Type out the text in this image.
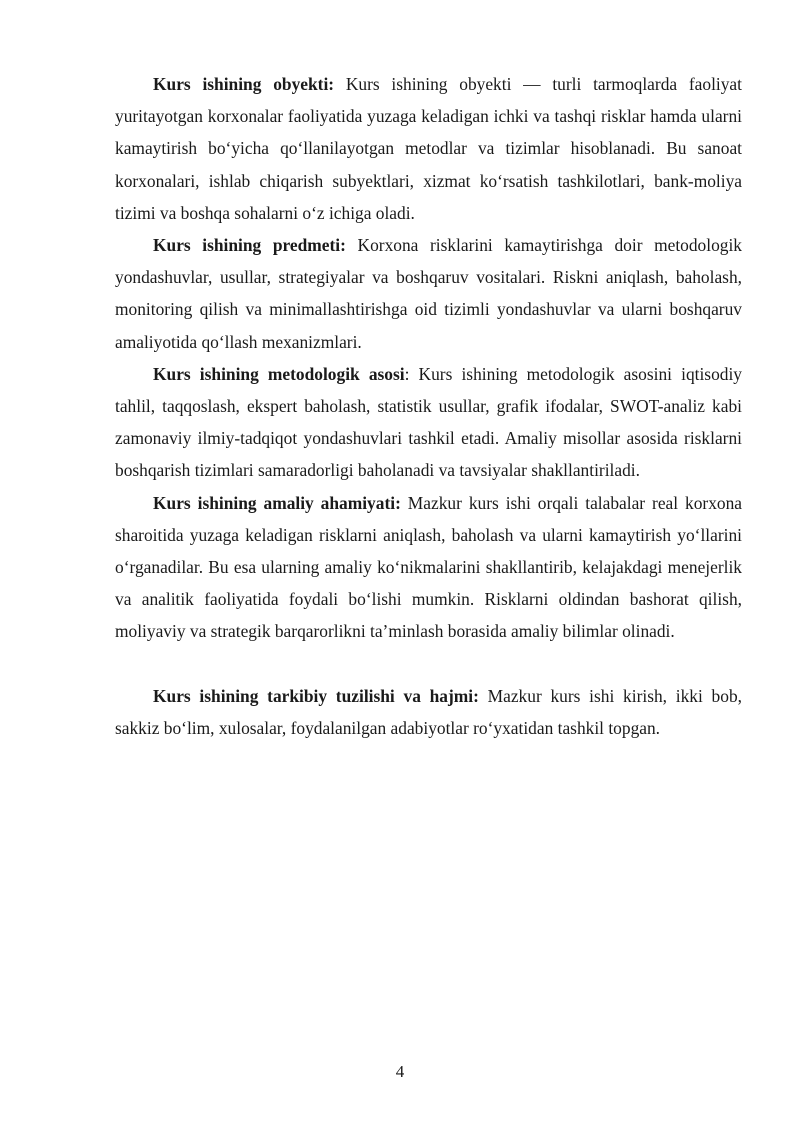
Kurs ishining obyekti: Kurs ishining obyekti — turli tarmoqlarda faoliyat yuritayotgan korxonalar faoliyatida yuzaga keladigan ichki va tashqi risklar hamda ularni kamaytirish bo‘yicha qo‘llanilayotgan metodlar va tizimlar hisoblanadi. Bu sanoat korxonalari, ishlab chiqarish subyektlari, xizmat ko‘rsatish tashkilotlari, bank-moliya tizimi va boshqa sohalarni o‘z ichiga oladi.

Kurs ishining predmeti: Korxona risklarini kamaytirishga doir metodologik yondashuvlar, usullar, strategiyalar va boshqaruv vositalari. Riskni aniqlash, baholash, monitoring qilish va minimallashtirishga oid tizimli yondashuvlar va ularni boshqaruv amaliyotida qo‘llash mexanizmlari.

Kurs ishining metodologik asosi: Kurs ishining metodologik asosini iqtisodiy tahlil, taqqoslash, ekspert baholash, statistik usullar, grafik ifodalar, SWOT-analiz kabi zamonaviy ilmiy-tadqiqot yondashuvlari tashkil etadi. Amaliy misollar asosida risklarni boshqarish tizimlari samaradorligi baholanadi va tavsiyalar shakllantiriladi.

Kurs ishining amaliy ahamiyati: Mazkur kurs ishi orqali talabalar real korxona sharoitida yuzaga keladigan risklarni aniqlash, baholash va ularni kamaytirish yo‘llarini o‘rganadilar. Bu esa ularning amaliy ko‘nikmalarini shakllantirib, kelajakdagi menejerlik va analitik faoliyatida foydali bo‘lishi mumkin. Risklarni oldindan bashorat qilish, moliyaviy va strategik barqarorlikni ta’minlash borasida amaliy bilimlar olinadi.

Kurs ishining tarkibiy tuzilishi va hajmi: Mazkur kurs ishi kirish, ikki bob, sakkiz bo‘lim, xulosalar, foydalanilgan adabiyotlar ro‘yxatidan tashkil topgan.

4
